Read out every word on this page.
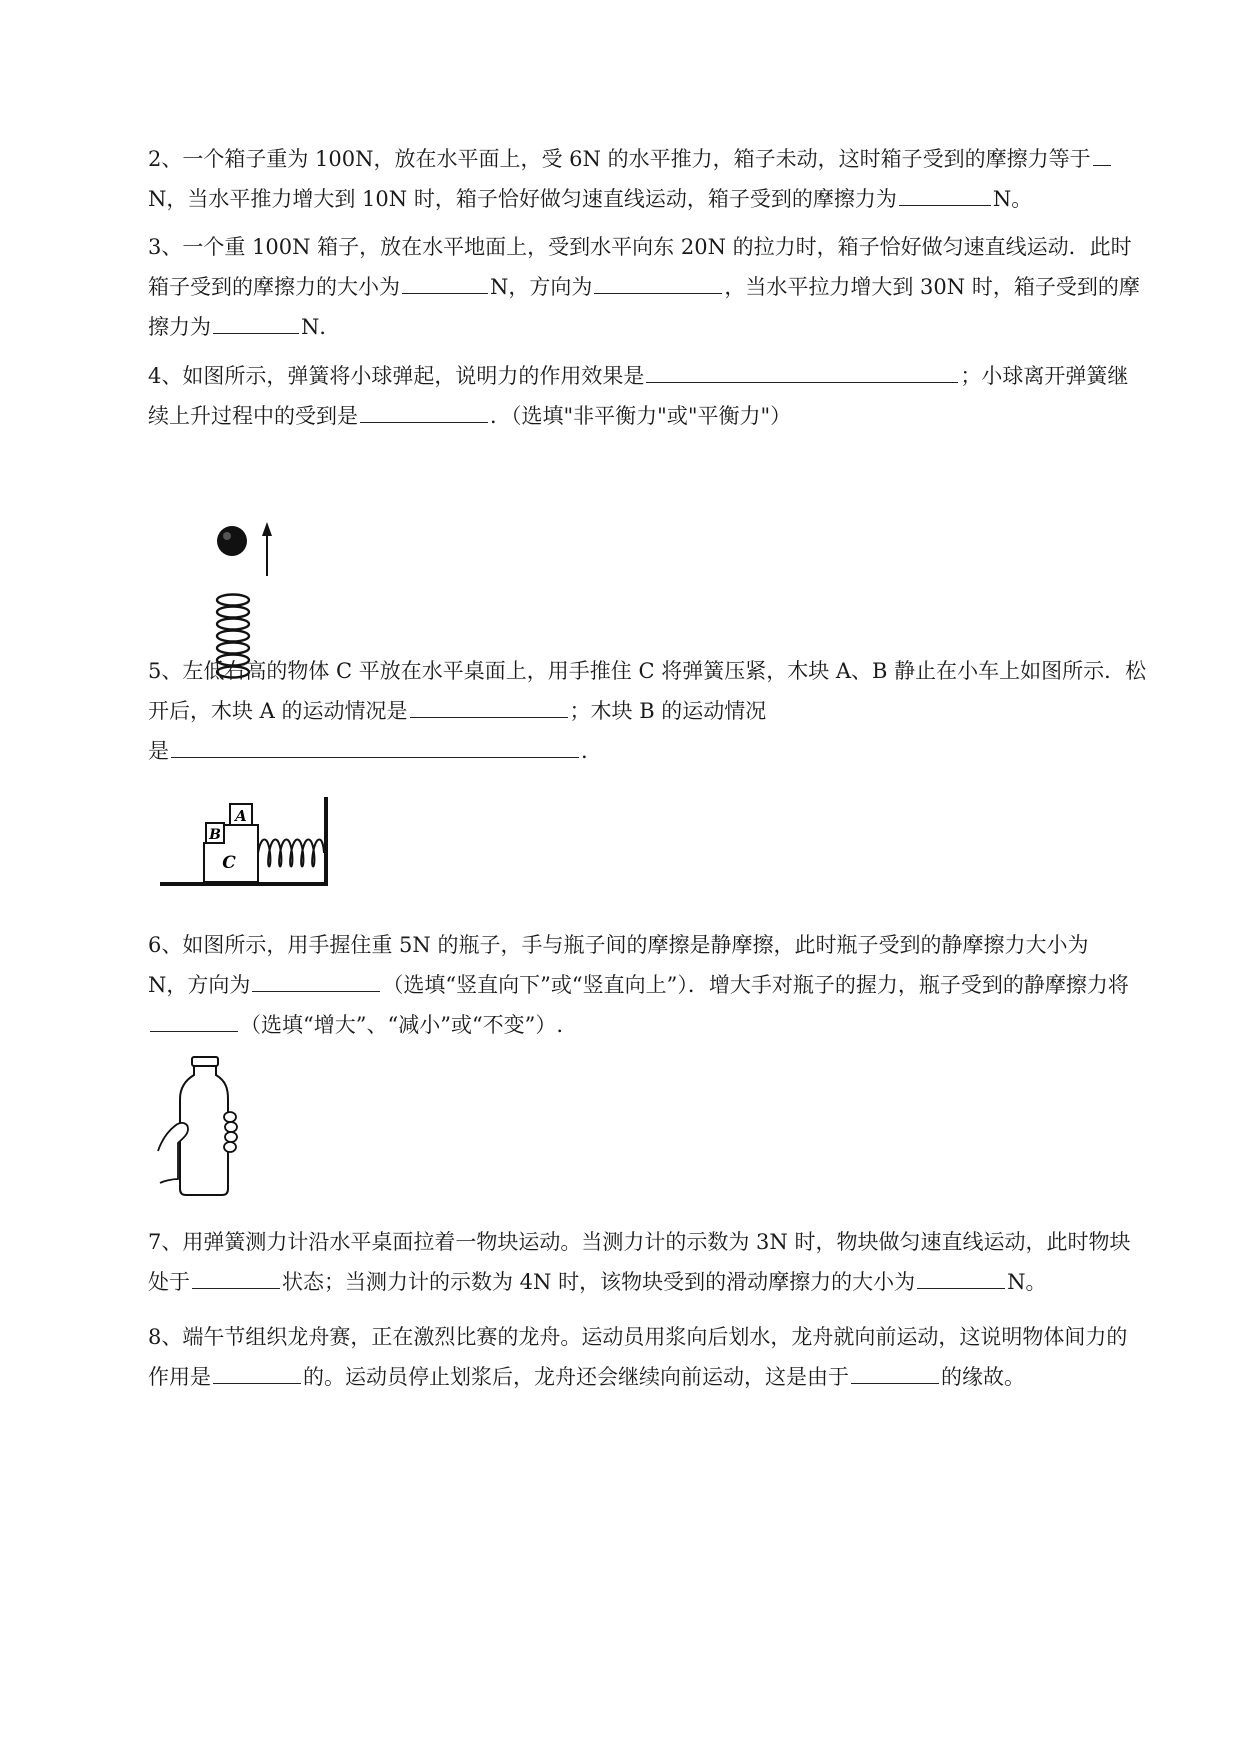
2、一个箱子重为 100N，放在水平面上，受 6N 的水平推力，箱子未动，这时箱子受到的摩擦力等于
N，当水平推力增大到 10N 时，箱子恰好做匀速直线运动，箱子受到的摩擦力为	N。
3、一个重 100N 箱子，放在水平地面上，受到水平向东 20N 的拉力时，箱子恰好做匀速直线运动．此时箱子受到的摩擦力的大小为	N，方向为	，当水平拉力增大到 30N 时，箱子受到的摩擦力为	N．
4、如图所示，弹簧将小球弹起，说明力的作用效果是	；小球离开弹簧继续上升过程中的受到是	．（选填"非平衡力"或"平衡力"）
5、左低右高的物体 C 平放在水平桌面上，用手推住 C 将弹簧压紧，木块 A、B 静止在小车上如图所示．松开后，木块 A 的运动情况是	；木块 B 的运动情况
是	.
A
B
C
6、如图所示，用手握住重 5N 的瓶子，手与瓶子间的摩擦是静摩擦，此时瓶子受到的静摩擦力大小为
N，方向为	（选填“竖直向下”或“竖直向上”）．增大手对瓶子的握力，瓶子受到的静摩擦力将（选填“增大”、“减小”或“不变”）.
7、用弹簧测力计沿水平桌面拉着一物块运动。当测力计的示数为 3N 时，物块做匀速直线运动，此时物块处于	状态；当测力计的示数为 4N 时，该物块受到的滑动摩擦力的大小为	N。
8、端午节组织龙舟赛，正在激烈比赛的龙舟。运动员用浆向后划水，龙舟就向前运动，这说明物体间力的作用是	的。运动员停止划浆后，龙舟还会继续向前运动，这是由于	的缘故。
